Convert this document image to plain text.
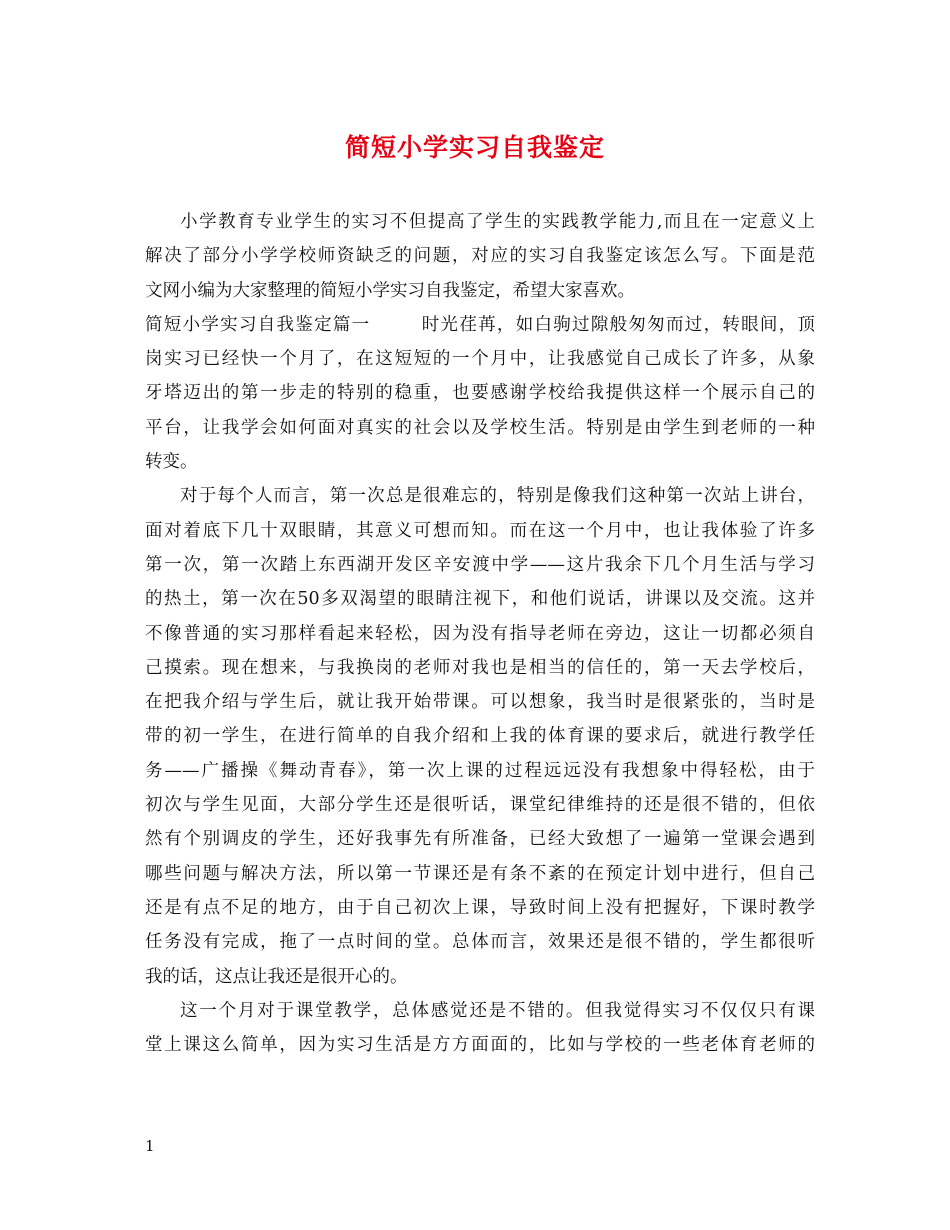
简短小学实习自我鉴定
小学教育专业学生的实习不但提高了学生的实践教学能力,而且在一定意义上
解决了部分小学学校师资缺乏的问题，对应的实习自我鉴定该怎么写。下面是范
文网小编为大家整理的简短小学实习自我鉴定，希望大家喜欢。
简短小学实习自我鉴定篇一	时光荏苒，如白驹过隙般匆匆而过，转眼间，顶
岗实习已经快一个月了，在这短短的一个月中，让我感觉自己成长了许多，从象
牙塔迈出的第一步走的特别的稳重，也要感谢学校给我提供这样一个展示自己的
平台，让我学会如何面对真实的社会以及学校生活。特别是由学生到老师的一种
转变。
对于每个人而言，第一次总是很难忘的，特别是像我们这种第一次站上讲台，
面对着底下几十双眼睛，其意义可想而知。而在这一个月中，也让我体验了许多
第一次，第一次踏上东西湖开发区辛安渡中学——这片我余下几个月生活与学习
的热土，第一次在50多双渴望的眼睛注视下，和他们说话，讲课以及交流。这并
不像普通的实习那样看起来轻松，因为没有指导老师在旁边，这让一切都必须自
己摸索。现在想来，与我换岗的老师对我也是相当的信任的，第一天去学校后，
在把我介绍与学生后，就让我开始带课。可以想象，我当时是很紧张的，当时是
带的初一学生，在进行简单的自我介绍和上我的体育课的要求后，就进行教学任
务——广播操《舞动青春》，第一次上课的过程远远没有我想象中得轻松，由于
初次与学生见面，大部分学生还是很听话，课堂纪律维持的还是很不错的，但依
然有个别调皮的学生，还好我事先有所准备，已经大致想了一遍第一堂课会遇到
哪些问题与解决方法，所以第一节课还是有条不紊的在预定计划中进行，但自己
还是有点不足的地方，由于自己初次上课，导致时间上没有把握好，下课时教学
任务没有完成，拖了一点时间的堂。总体而言，效果还是很不错的，学生都很听
我的话，这点让我还是很开心的。
这一个月对于课堂教学，总体感觉还是不错的。但我觉得实习不仅仅只有课
堂上课这么简单，因为实习生活是方方面面的，比如与学校的一些老体育老师的
1
